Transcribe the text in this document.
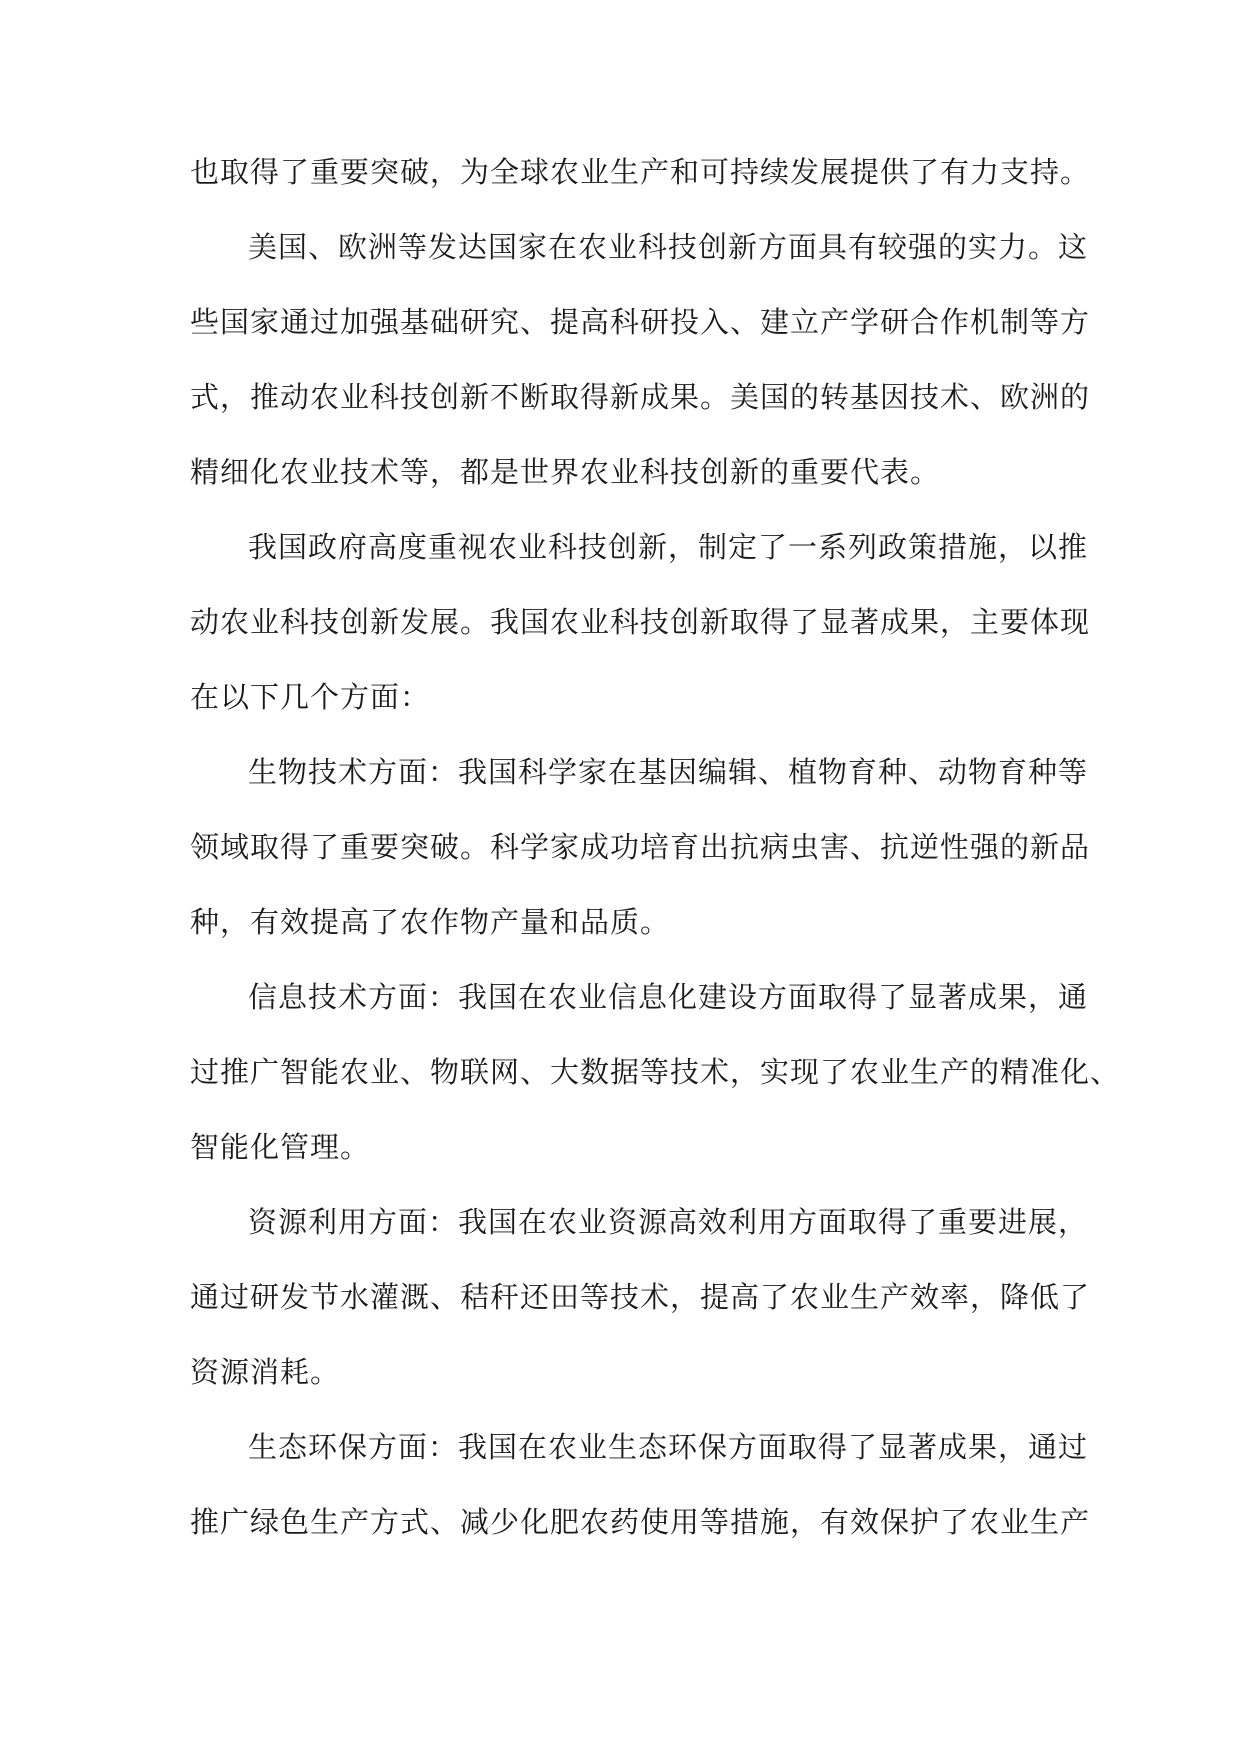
也取得了重要突破，为全球农业生产和可持续发展提供了有力支持。
美国、欧洲等发达国家在农业科技创新方面具有较强的实力。这
些国家通过加强基础研究、提高科研投入、建立产学研合作机制等方
式，推动农业科技创新不断取得新成果。美国的转基因技术、欧洲的
精细化农业技术等，都是世界农业科技创新的重要代表。
我国政府高度重视农业科技创新，制定了一系列政策措施，以推
动农业科技创新发展。我国农业科技创新取得了显著成果，主要体现
在以下几个方面：
生物技术方面：我国科学家在基因编辑、植物育种、动物育种等
领域取得了重要突破。科学家成功培育出抗病虫害、抗逆性强的新品
种，有效提高了农作物产量和品质。
信息技术方面：我国在农业信息化建设方面取得了显著成果，通
过推广智能农业、物联网、大数据等技术，实现了农业生产的精准化、
智能化管理。
资源利用方面：我国在农业资源高效利用方面取得了重要进展，
通过研发节水灌溉、秸秆还田等技术，提高了农业生产效率，降低了
资源消耗。
生态环保方面：我国在农业生态环保方面取得了显著成果，通过
推广绿色生产方式、减少化肥农药使用等措施，有效保护了农业生产
